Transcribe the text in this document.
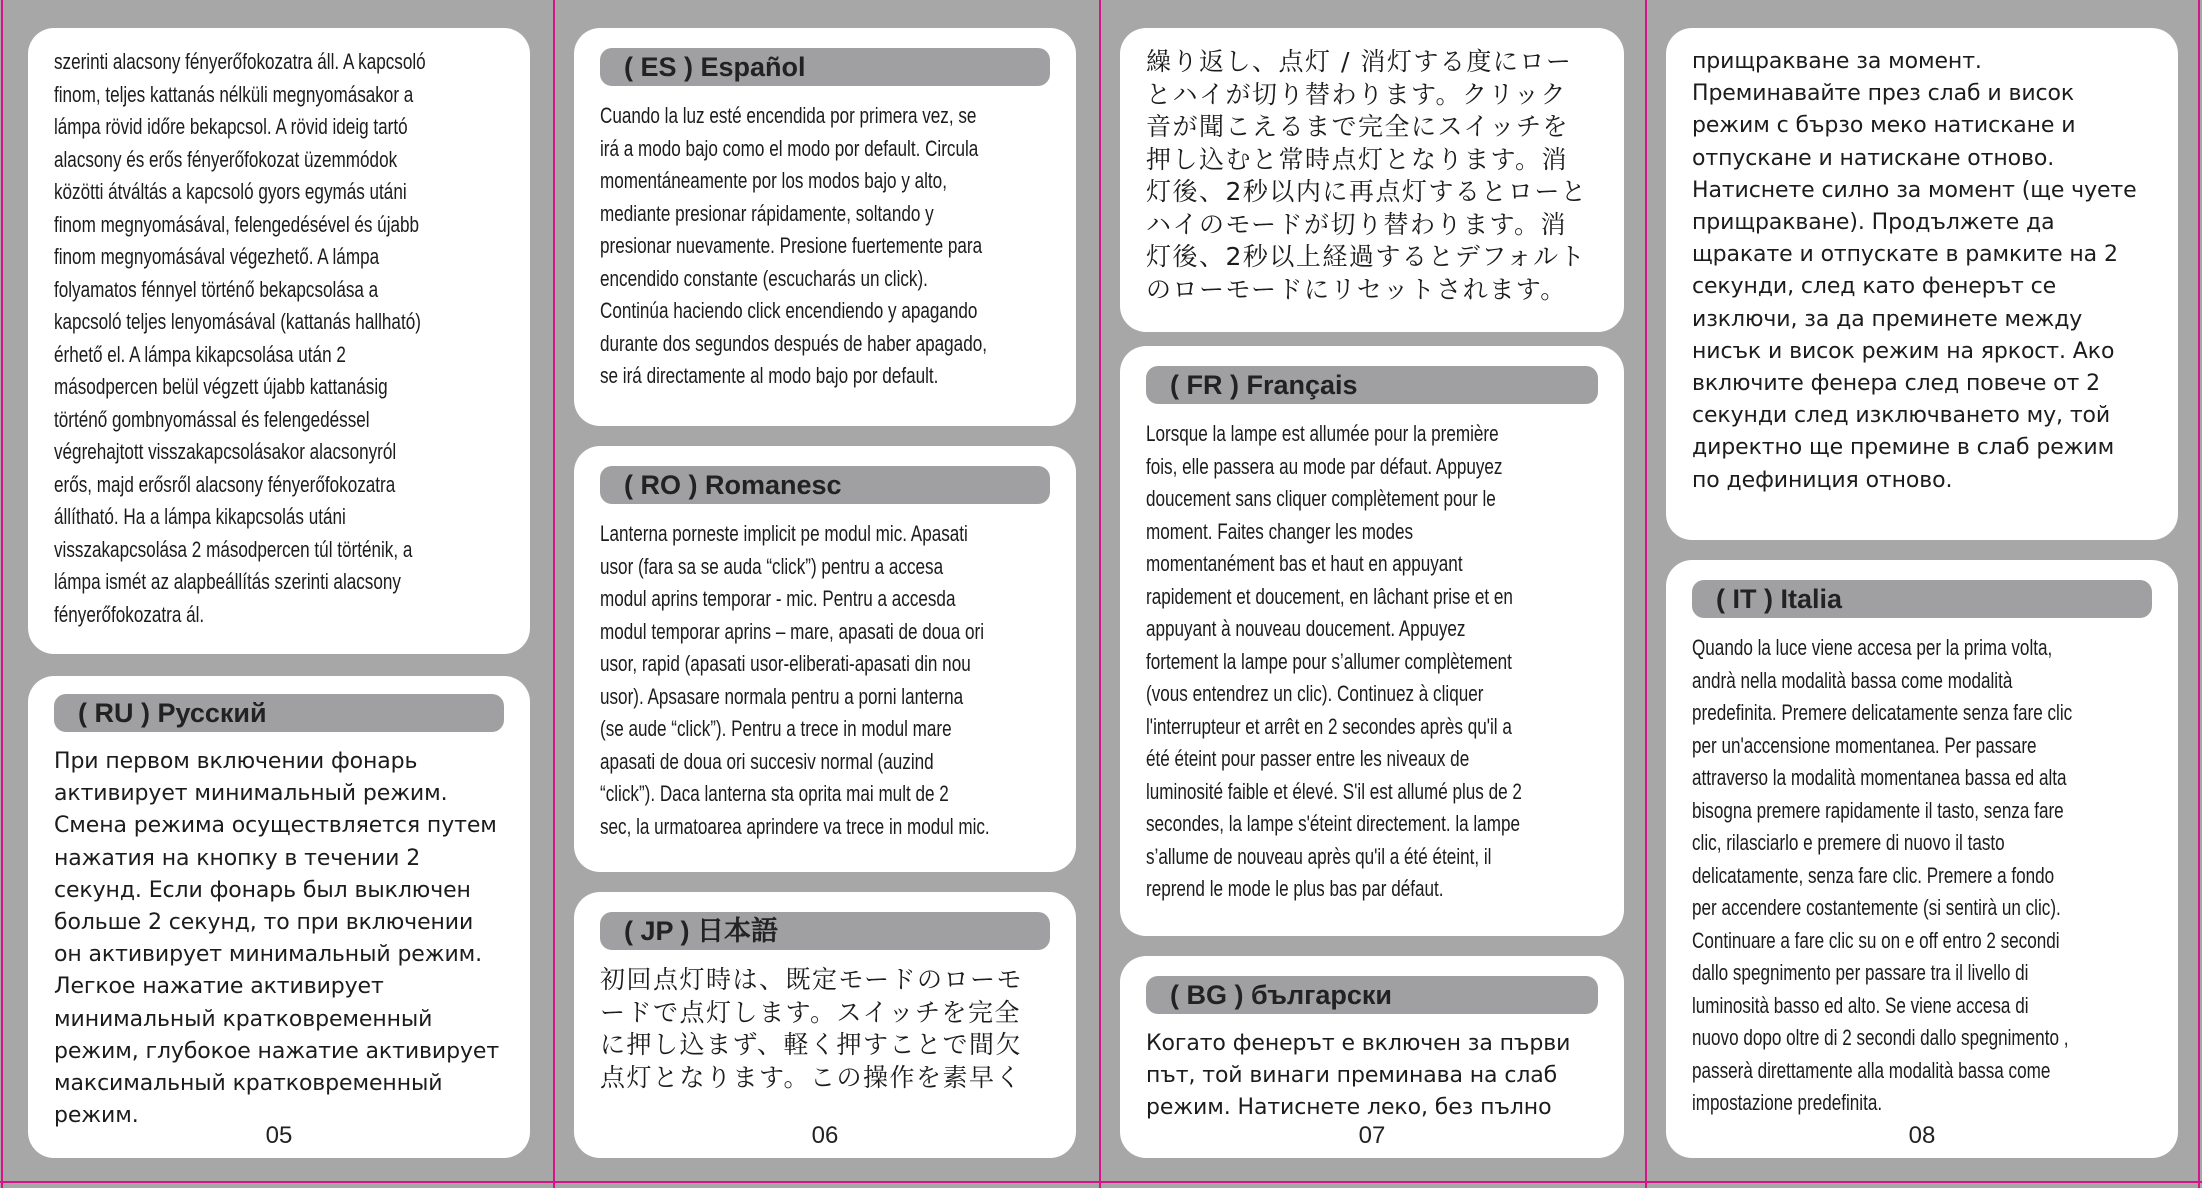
szerinti alacsony fényerőfokozatra áll. A kapcsoló
finom, teljes kattanás nélküli megnyomásakor a
lámpa rövid időre bekapcsol. A rövid ideig tartó
alacsony és erős fényerőfokozat üzemmódok
közötti átváltás a kapcsoló gyors egymás utáni
finom megnyomásával, felengedésével és újabb
finom megnyomásával végezhető. A lámpa
folyamatos fénnyel történő bekapcsolása a
kapcsoló teljes lenyomásával (kattanás hallható)
érhető el. A lámpa kikapcsolása után 2
másodpercen belül végzett újabb kattanásig
történő gombnyomással és felengedéssel
végrehajtott visszakapcsolásakor alacsonyról
erős, majd erősről alacsony fényerőfokozatra
állítható. Ha a lámpa kikapcsolás utáni
visszakapcsolása 2 másodpercen túl történik, a
lámpa ismét az alapbeállítás szerinti alacsony
fényerőfokozatra ál.

( RU ) Русский

При первом включении фонарь
активирует минимальный режим.
Смена режима осуществляется путем
нажатия на кнопку в течении 2
секунд. Если фонарь был выключен
больше 2 секунд, то при включении
он активирует минимальный режим.
Легкое нажатие активирует
минимальный кратковременный
режим, глубокое нажатие активирует
максимальный кратковременный
режим.

05
( ES ) Español

Cuando la luz esté encendida por primera vez, se
irá a modo bajo como el modo por default. Circula
momentáneamente por los modos bajo y alto,
mediante presionar rápidamente, soltando y
presionar nuevamente. Presione fuertemente para
encendido constante (escucharás un click).
Continúa haciendo click encendiendo y apagando
durante dos segundos después de haber apagado,
se irá directamente al modo bajo por default.

( RO ) Romanesc

Lanterna porneste implicit pe modul mic. Apasati
usor (fara sa se auda “click”) pentru a accesa
modul aprins temporar - mic. Pentru a accesda
modul temporar aprins – mare, apasati de doua ori
usor, rapid (apasati usor-eliberati-apasati din nou
usor). Apsasare normala pentru a porni lanterna
(se aude “click”). Pentru a trece in modul mare
apasati de doua ori succesiv normal (auzind
“click”). Daca lanterna sta oprita mai mult de 2
sec, la urmatoarea aprindere va trece in modul mic.

( JP ) 日本語

初回点灯時は、既定モードのローモ
ードで点灯します。スイッチを完全
に押し込まず、軽く押すことで間欠
点灯となります。この操作を素早く

06

繰り返し、点灯 / 消灯する度にロー
とハイが切り替わります。クリック
音が聞こえるまで完全にスイッチを
押し込むと常時点灯となります。消
灯後、2秒以内に再点灯するとローと
ハイのモードが切り替わります。消
灯後、2秒以上経過するとデフォルト
のローモードにリセットされます。

( FR ) Français

Lorsque la lampe est allumée pour la première
fois, elle passera au mode par défaut. Appuyez
doucement sans cliquer complètement pour le
moment. Faites changer les modes
momentanément bas et haut en appuyant
rapidement et doucement, en lâchant prise et en
appuyant à nouveau doucement. Appuyez
fortement la lampe pour s’allumer complètement
(vous entendrez un clic). Continuez à cliquer
l'interrupteur et arrêt en 2 secondes après qu'il a
été éteint pour passer entre les niveaux de
luminosité faible et élevé. S'il est allumé plus de 2
secondes, la lampe s'éteint directement. la lampe
s’allume de nouveau après qu'il a été éteint, il
reprend le mode le plus bas par défaut.

( BG ) български

Когато фенерът е включен за първи
път, той винаги преминава на слаб
режим. Натиснете леко, без пълно

07

прищракване за момент.
Преминавайте през слаб и висок
режим с бързо меко натискане и
отпускане и натискане отново.
Натиснете силно за момент (ще чуете
прищракване). Продължете да
щракате и отпускате в рамките на 2
секунди, след като фенерът се
изключи, за да преминете между
нисък и висок режим на яркост. Ако
включите фенера след повече от 2
секунди след изключването му, той
директно ще премине в слаб режим
по дефиниция отново.

( IT ) Italia

Quando la luce viene accesa per la prima volta,
andrà nella modalità bassa come modalità
predefinita. Premere delicatamente senza fare clic
per un'accensione momentanea. Per passare
attraverso la modalità momentanea bassa ed alta
bisogna premere rapidamente il tasto, senza fare
clic, rilasciarlo e premere di nuovo il tasto
delicatamente, senza fare clic. Premere a fondo
per accendere costantemente (si sentirà un clic).
Continuare a fare clic su on e off entro 2 secondi
dallo spegnimento per passare tra il livello di
luminosità basso ed alto. Se viene accesa di
nuovo dopo oltre di 2 secondi dallo spegnimento ,
passerà direttamente alla modalità bassa come
impostazione predefinita.

08
